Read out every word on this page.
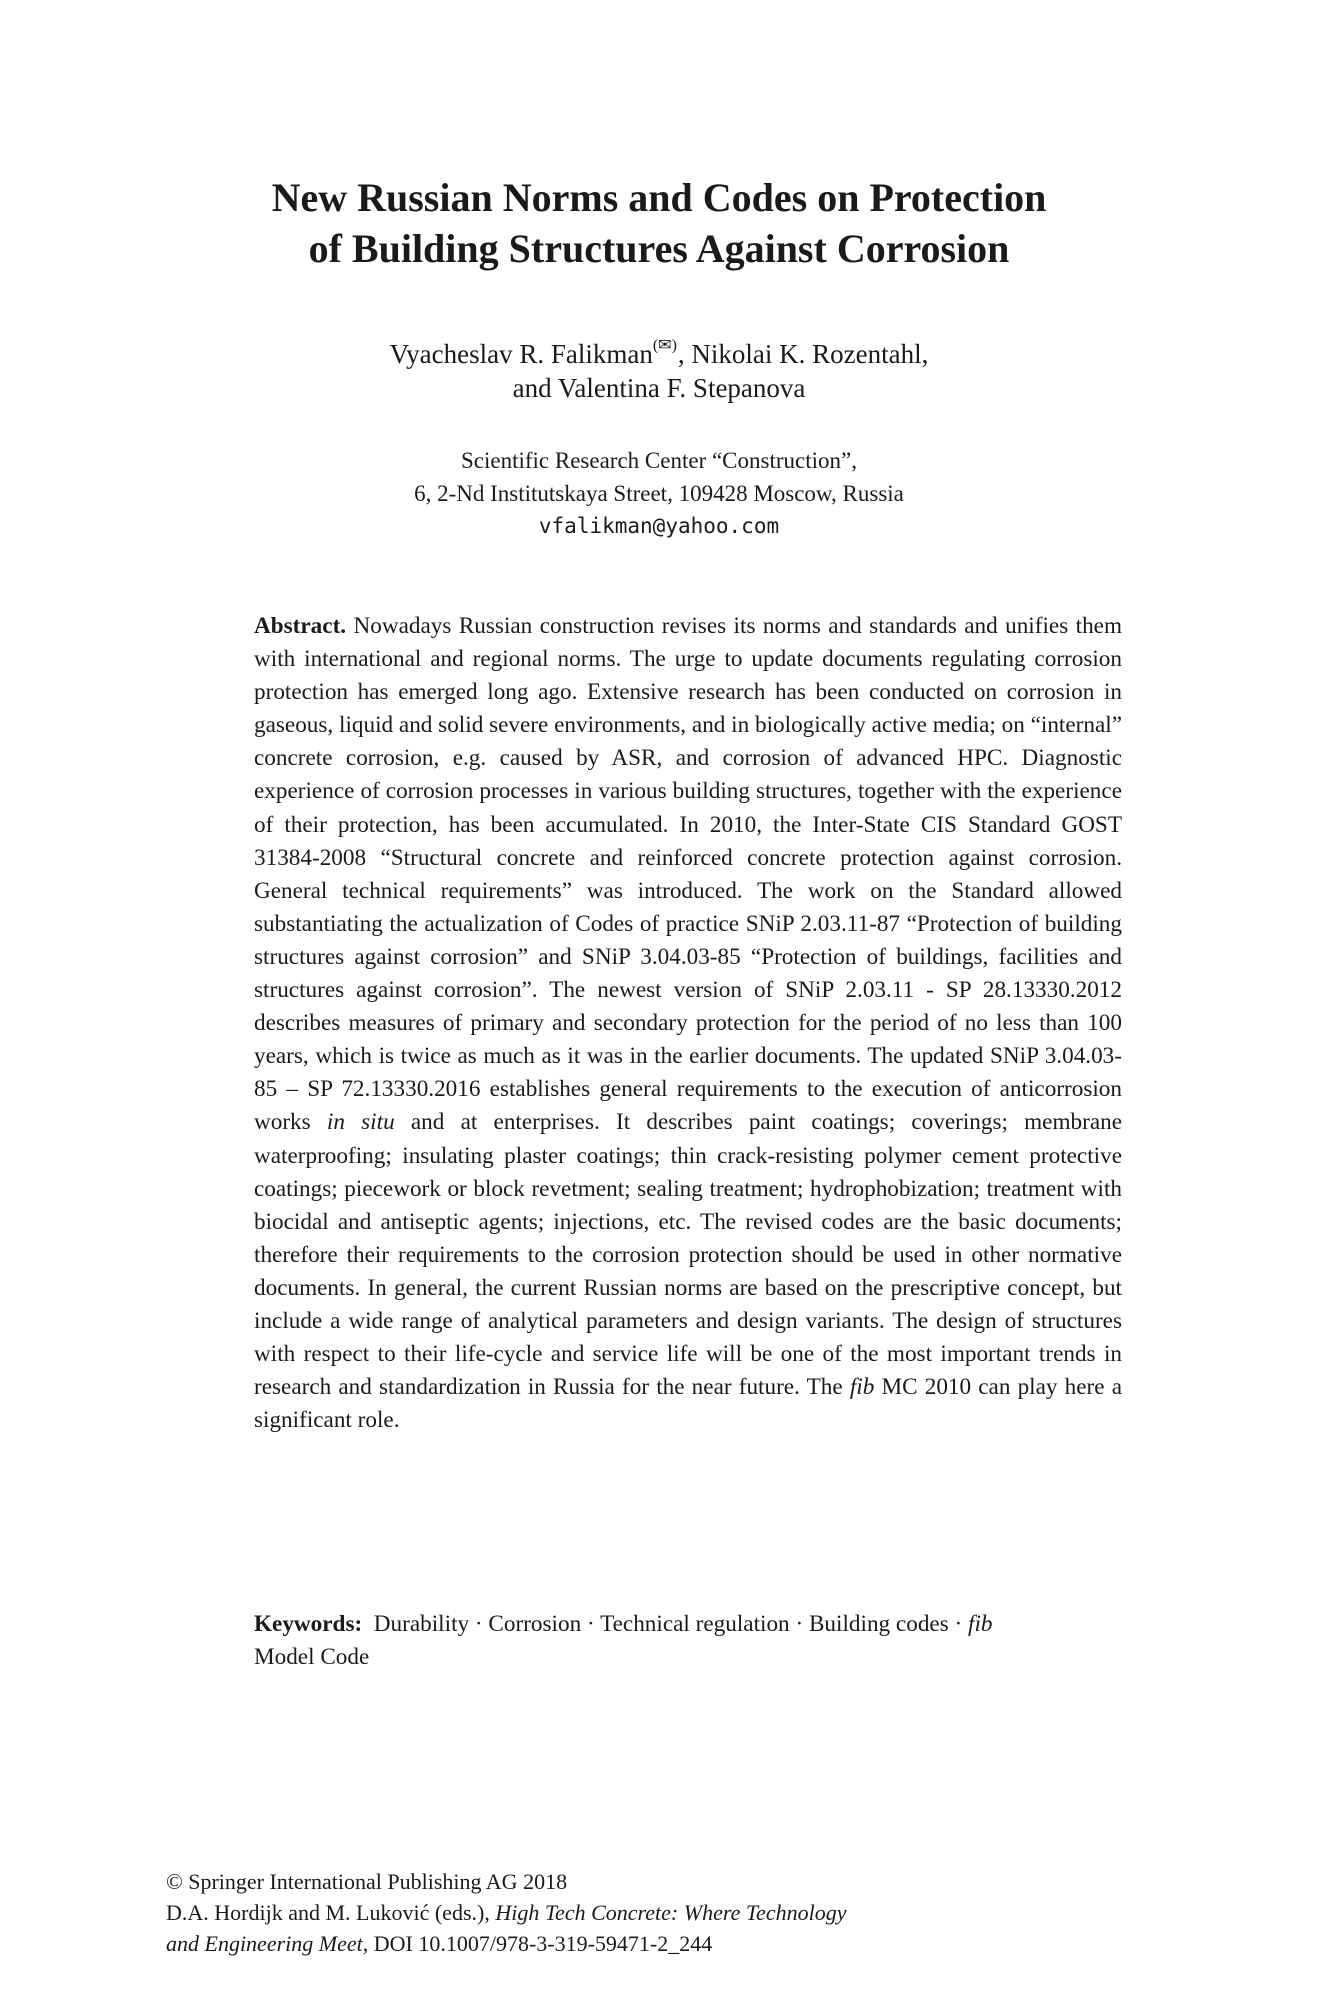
New Russian Norms and Codes on Protection
of Building Structures Against Corrosion
Vyacheslav R. Falikman(✉), Nikolai K. Rozentahl,
and Valentina F. Stepanova
Scientific Research Center “Construction”,
6, 2-Nd Institutskaya Street, 109428 Moscow, Russia
vfalikman@yahoo.com

Abstract. Nowadays Russian construction revises its norms and standards and unifies them with international and regional norms. The urge to update documents regulating corrosion protection has emerged long ago. Extensive research has been conducted on corrosion in gaseous, liquid and solid severe environments, and in biologically active media; on “internal” concrete corrosion, e.g. caused by ASR, and corrosion of advanced HPC. Diagnostic experience of corrosion processes in various building structures, together with the experience of their protection, has been accumulated. In 2010, the Inter-State CIS Standard GOST 31384-2008 “Structural concrete and reinforced concrete protection against corrosion. General technical requirements” was introduced. The work on the Standard allowed substantiating the actualization of Codes of practice SNiP 2.03.11-87 “Protection of building structures against corrosion” and SNiP 3.04.03-85 “Protection of buildings, facilities and structures against corrosion”. The newest version of SNiP 2.03.11 - SP 28.13330.2012 describes measures of primary and secondary protection for the period of no less than 100 years, which is twice as much as it was in the earlier documents. The updated SNiP 3.04.03-85 – SP 72.13330.2016 establishes general requirements to the execution of anticorrosion works in situ and at enterprises. It describes paint coatings; coverings; membrane waterproofing; insulating plaster coatings; thin crack-resisting polymer cement protective coatings; piecework or block revetment; sealing treatment; hydrophobization; treatment with biocidal and antiseptic agents; injections, etc. The revised codes are the basic documents; therefore their requirements to the corrosion protection should be used in other normative documents. In general, the current Russian norms are based on the prescriptive concept, but include a wide range of analytical parameters and design variants. The design of structures with respect to their life-cycle and service life will be one of the most important trends in research and standardization in Russia for the near future. The fib MC 2010 can play here a significant role.

Keywords: Durability · Corrosion · Technical regulation · Building codes · fib
Model Code
© Springer International Publishing AG 2018
D.A. Hordijk and M. Luković (eds.), High Tech Concrete: Where Technology
and Engineering Meet, DOI 10.1007/978-3-319-59471-2_244
